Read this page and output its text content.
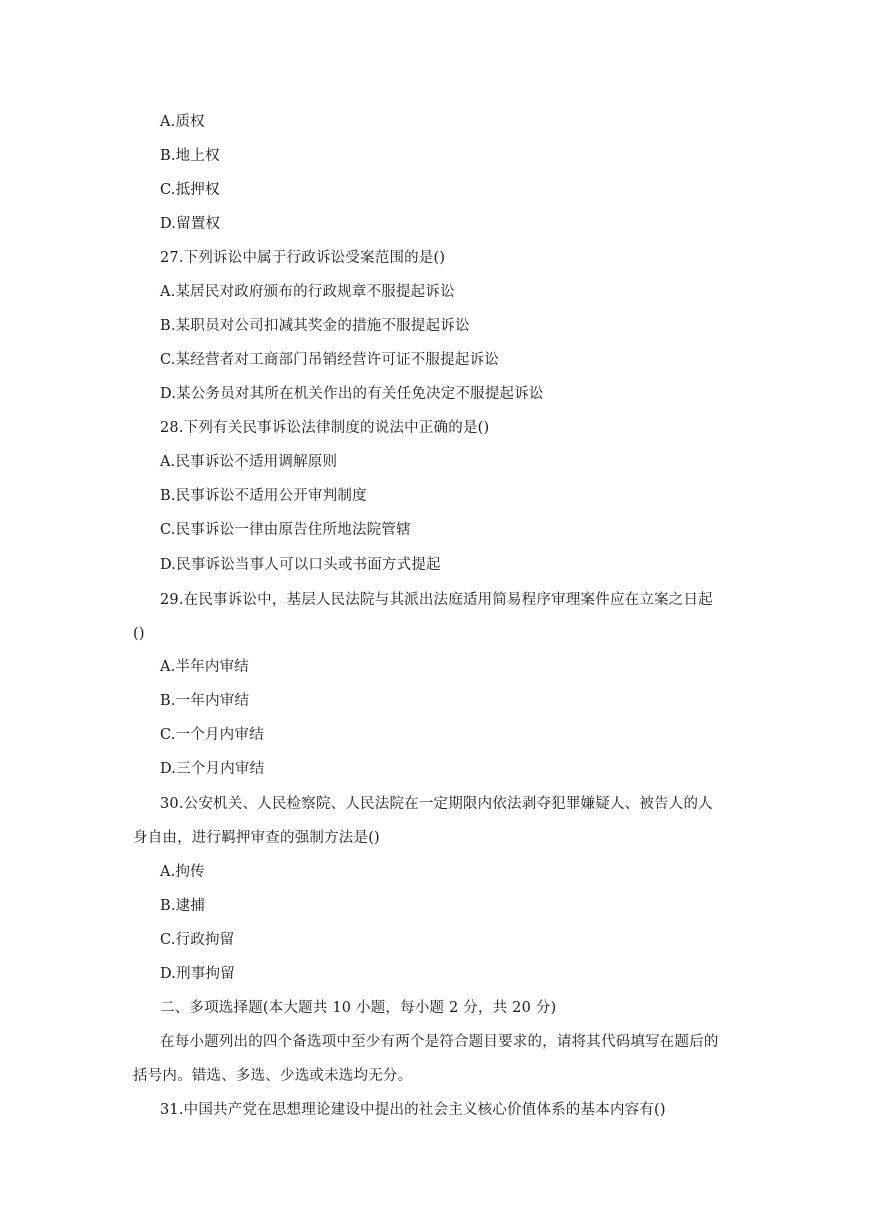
A.质权
B.地上权
C.抵押权
D.留置权
27.下列诉讼中属于行政诉讼受案范围的是()
A.某居民对政府颁布的行政规章不服提起诉讼
B.某职员对公司扣减其奖金的措施不服提起诉讼
C.某经营者对工商部门吊销经营许可证不服提起诉讼
D.某公务员对其所在机关作出的有关任免决定不服提起诉讼
28.下列有关民事诉讼法律制度的说法中正确的是()
A.民事诉讼不适用调解原则
B.民事诉讼不适用公开审判制度
C.民事诉讼一律由原告住所地法院管辖
D.民事诉讼当事人可以口头或书面方式提起
29.在民事诉讼中，基层人民法院与其派出法庭适用简易程序审理案件应在立案之日起
()
A.半年内审结
B.一年内审结
C.一个月内审结
D.三个月内审结
30.公安机关、人民检察院、人民法院在一定期限内依法剥夺犯罪嫌疑人、被告人的人
身自由，进行羁押审查的强制方法是()
A.拘传
B.逮捕
C.行政拘留
D.刑事拘留
二、多项选择题(本大题共 10 小题，每小题 2 分，共 20 分)
在每小题列出的四个备选项中至少有两个是符合题目要求的，请将其代码填写在题后的
括号内。错选、多选、少选或未选均无分。
31.中国共产党在思想理论建设中提出的社会主义核心价值体系的基本内容有()
